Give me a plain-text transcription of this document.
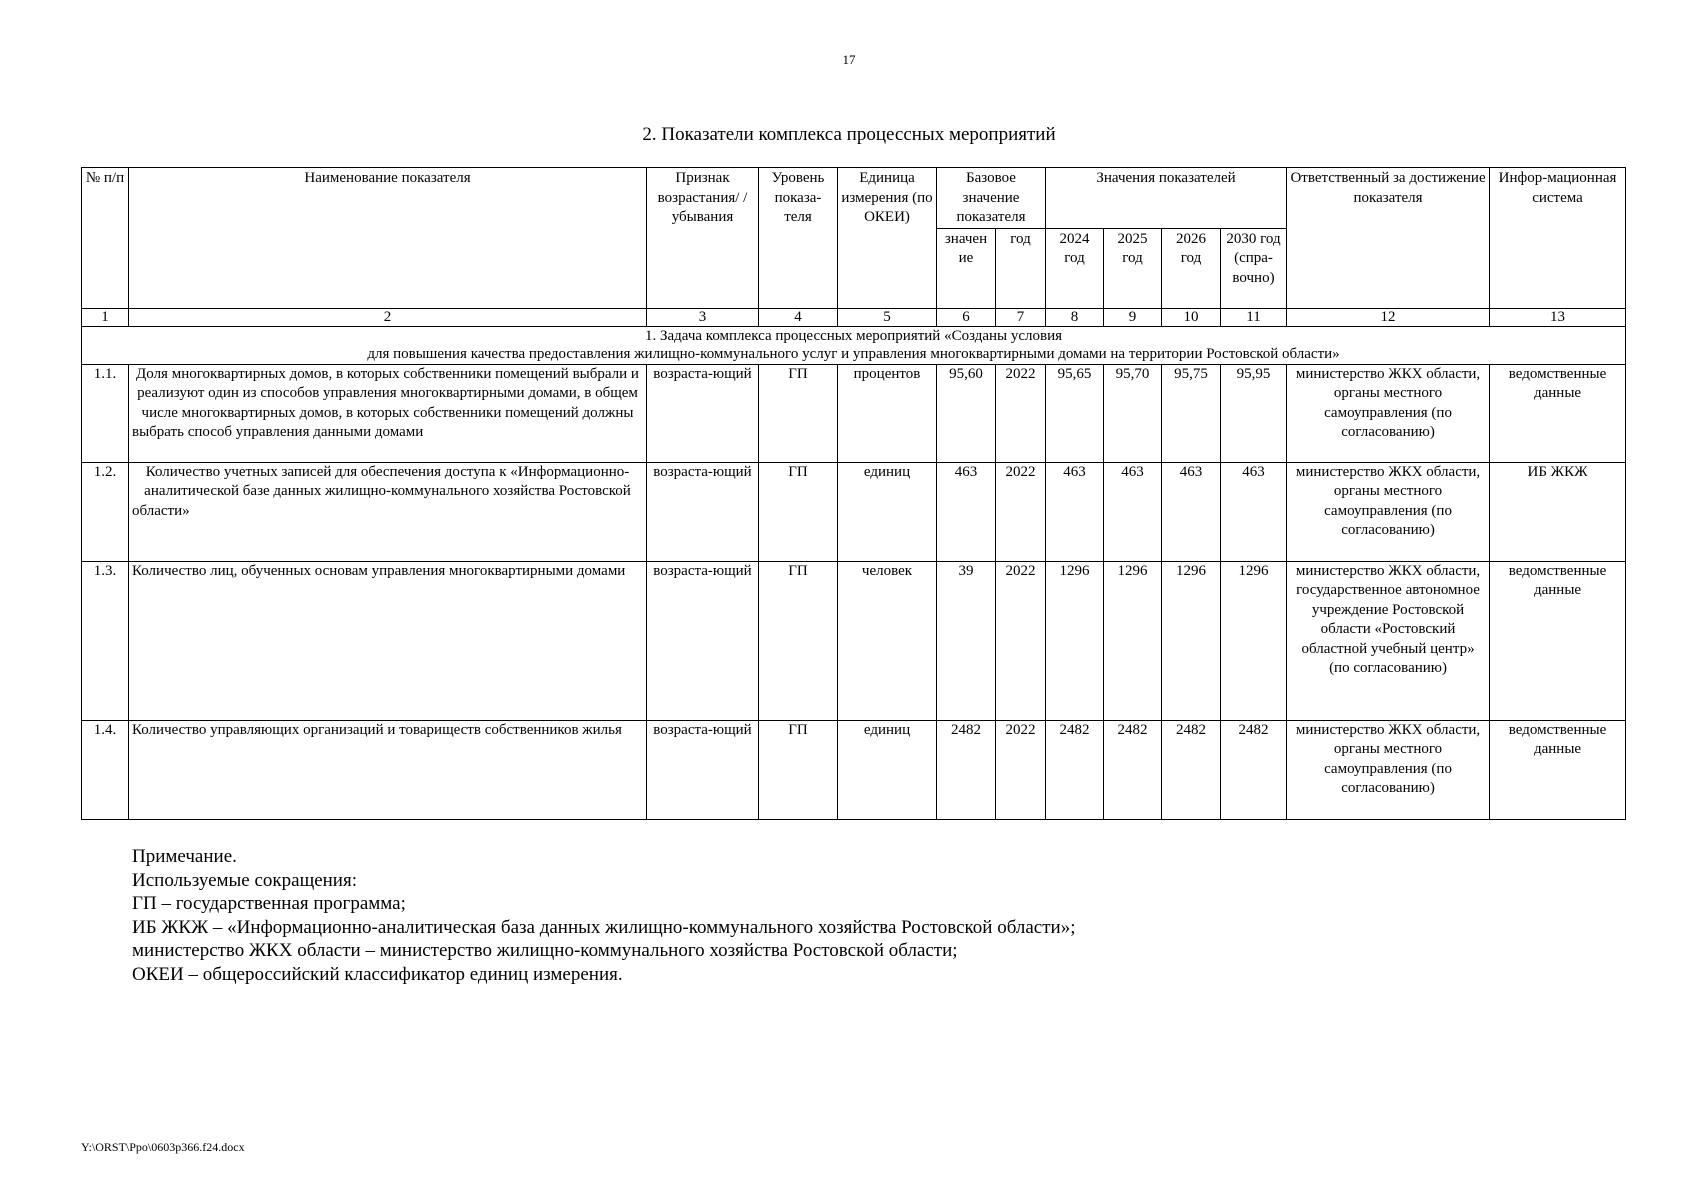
17
2. Показатели комплекса процессных мероприятий
№ п/п	Наименование показателя	Признак возрастания/ /убывания	Уровень показа-теля	Единица измерения (по ОКЕИ)	Базовое значение показателя		Значения показателей				Ответственный за достижение показателя	Инфор-мационная система
					значен ие	год	2024 год	2025 год	2026 год	2030 год (спра-вочно)		
1	2	3	4	5	6	7	8	9	10	11	12	13

1. Задача комплекса процессных мероприятий «Созданы условия
для повышения качества предоставления жилищно-коммунального услуг и управления многоквартирными домами на территории Ростовской области»												

1.1.	Доля многоквартирных домов, в которых собственники помещений выбрали и реализуют один из способов управления многоквартирными домами, в общем числе многоквартирных домов, в которых собственники помещений должны выбрать способ управления данными домами	возраста-ющий	ГП	процентов	95,60	2022	95,65	95,70	95,75	95,95	министерство ЖКХ области, органы местного самоуправления (по согласованию)	ведомственные данные
1.2.	Количество учетных записей для обеспечения доступа к «Информационно-аналитической базе данных жилищно-коммунального хозяйства Ростовской области»	возраста-ющий	ГП	единиц	463	2022	463	463	463	463	министерство ЖКХ области, органы местного самоуправления (по согласованию)	ИБ ЖКЖ
1.3.	Количество лиц, обученных основам управления многоквартирными домами	возраста-ющий	ГП	человек	39	2022	1296	1296	1296	1296	министерство ЖКХ области, государственное автономное учреждение Ростовской области «Ростовский областной учебный центр» (по согласованию)	ведомственные данные
1.4.	Количество управляющих организаций и товариществ собственников жилья	возраста-ющий	ГП	единиц	2482	2022	2482	2482	2482	2482	министерство ЖКХ области, органы местного самоуправления (по согласованию)	ведомственные данные
Примечание.
Используемые сокращения:
ГП – государственная программа;
ИБ ЖКЖ – «Информационно-аналитическая база данных жилищно-коммунального хозяйства Ростовской области»;
министерство ЖКХ области – министерство жилищно-коммунального хозяйства Ростовской области;
ОКЕИ – общероссийский классификатор единиц измерения.
Y:\ORST\Ppo\0603p366.f24.docx
